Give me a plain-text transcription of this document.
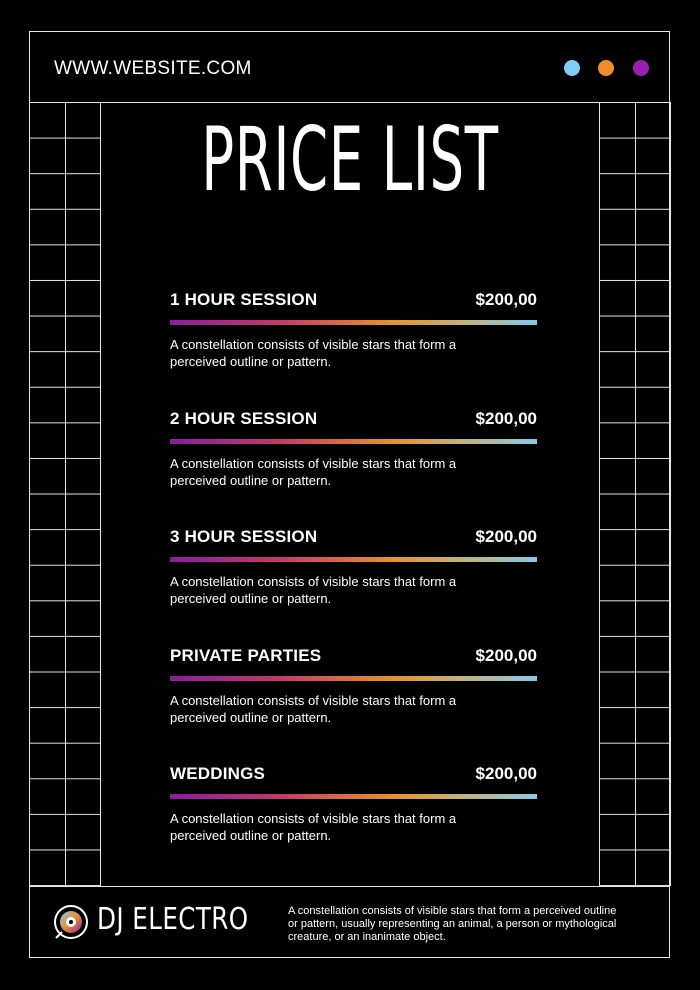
WWW.WEBSITE.COM
PRICE LIST
1 HOUR SESSION	$200,00
A constellation consists of visible stars that form a perceived outline or pattern.
2 HOUR SESSION	$200,00
A constellation consists of visible stars that form a perceived outline or pattern.
3 HOUR SESSION	$200,00
A constellation consists of visible stars that form a perceived outline or pattern.
PRIVATE PARTIES	$200,00
A constellation consists of visible stars that form a perceived outline or pattern.
WEDDINGS	$200,00
A constellation consists of visible stars that form a perceived outline or pattern.
DJ ELECTRO	A constellation consists of visible stars that form a perceived outline or pattern, usually representing an animal, a person or mythological creature, or an inanimate object.
